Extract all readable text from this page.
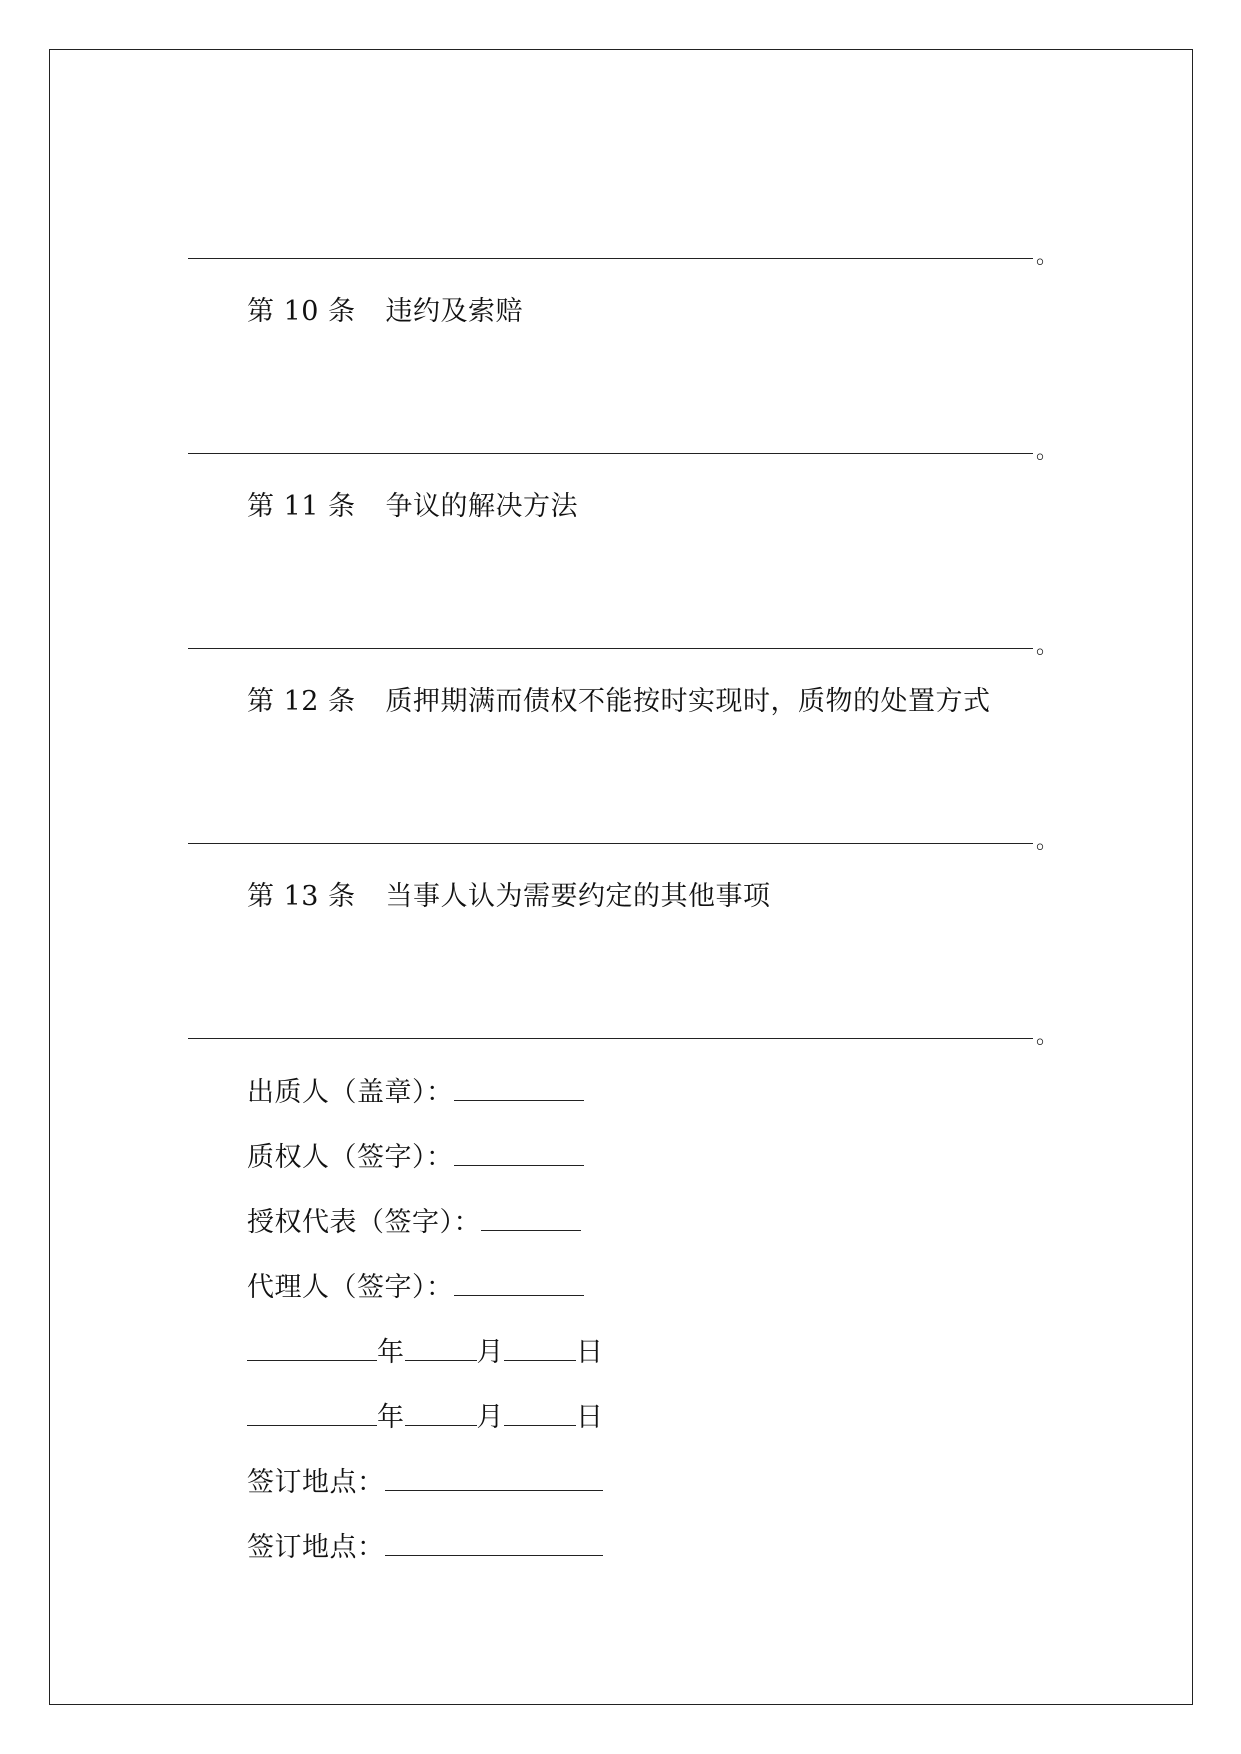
。
第 10 条 违约及索赔
。
第 11 条 争议的解决方法
。
第 12 条 质押期满而债权不能按时实现时，质物的处置方式
。
第 13 条 当事人认为需要约定的其他事项
。
出质人（盖章）：
质权人（签字）：
授权代表（签字）：
代理人（签字）：
年	月	日
年	月	日
签订地点：
签订地点：
